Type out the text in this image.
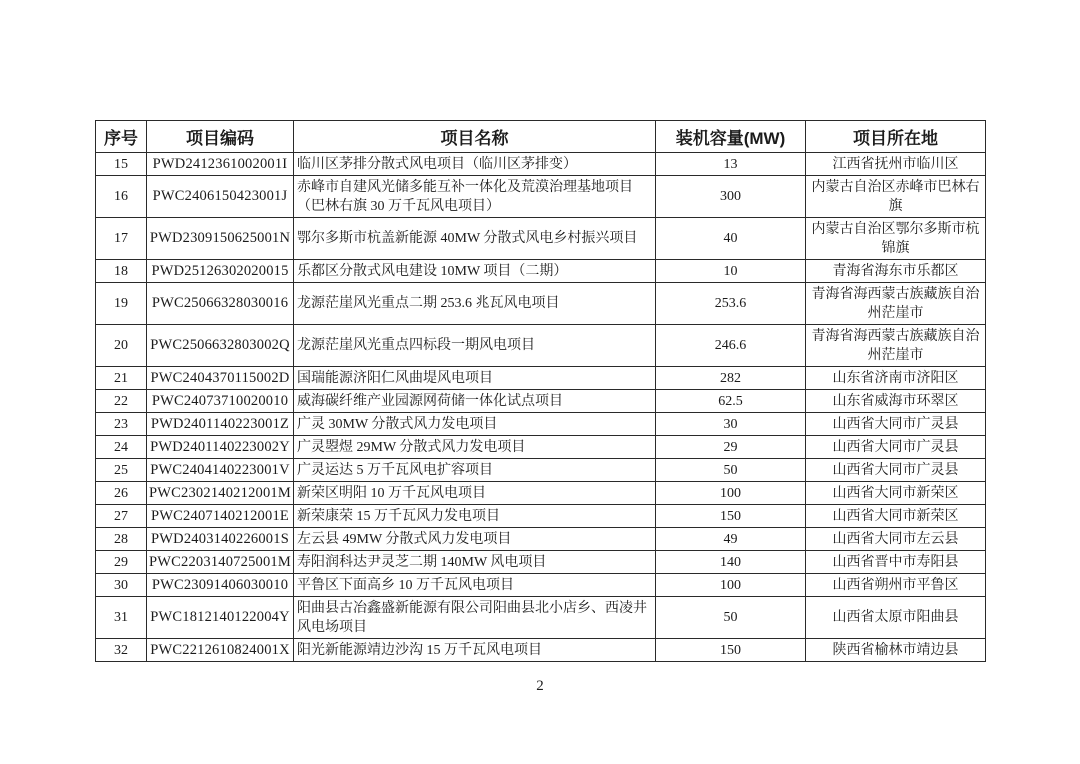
序号	项目编码	项目名称	装机容量(MW)	项目所在地
15	PWD2412361002001I	临川区茅排分散式风电项目（临川区茅排变）	13	江西省抚州市临川区
16	PWC2406150423001J	赤峰市自建风光储多能互补一体化及荒漠治理基地项目（巴林右旗 30 万千瓦风电项目）	300	内蒙古自治区赤峰市巴林右旗
17	PWD2309150625001N	鄂尔多斯市杭盖新能源 40MW 分散式风电乡村振兴项目	40	内蒙古自治区鄂尔多斯市杭锦旗
18	PWD25126302020015	乐都区分散式风电建设 10MW 项目（二期）	10	青海省海东市乐都区
19	PWC25066328030016	龙源茫崖风光重点二期 253.6 兆瓦风电项目	253.6	青海省海西蒙古族藏族自治州茫崖市
20	PWC2506632803002Q	龙源茫崖风光重点四标段一期风电项目	246.6	青海省海西蒙古族藏族自治州茫崖市
21	PWC2404370115002D	国瑞能源济阳仁风曲堤风电项目	282	山东省济南市济阳区
22	PWC24073710020010	威海碳纤维产业园源网荷储一体化试点项目	62.5	山东省威海市环翠区
23	PWD2401140223001Z	广灵 30MW 分散式风力发电项目	30	山西省大同市广灵县
24	PWD2401140223002Y	广灵曌煜 29MW 分散式风力发电项目	29	山西省大同市广灵县
25	PWC2404140223001V	广灵运达 5 万千瓦风电扩容项目	50	山西省大同市广灵县
26	PWC2302140212001M	新荣区明阳 10 万千瓦风电项目	100	山西省大同市新荣区
27	PWC2407140212001E	新荣康荣 15 万千瓦风力发电项目	150	山西省大同市新荣区
28	PWD2403140226001S	左云县 49MW 分散式风力发电项目	49	山西省大同市左云县
29	PWC2203140725001M	寿阳润科达尹灵芝二期 140MW 风电项目	140	山西省晋中市寿阳县
30	PWC23091406030010	平鲁区下面高乡 10 万千瓦风电项目	100	山西省朔州市平鲁区
31	PWC1812140122004Y	阳曲县古冶鑫盛新能源有限公司阳曲县北小店乡、西凌井风电场项目	50	山西省太原市阳曲县
32	PWC2212610824001X	阳光新能源靖边沙沟 15 万千瓦风电项目	150	陕西省榆林市靖边县
2
